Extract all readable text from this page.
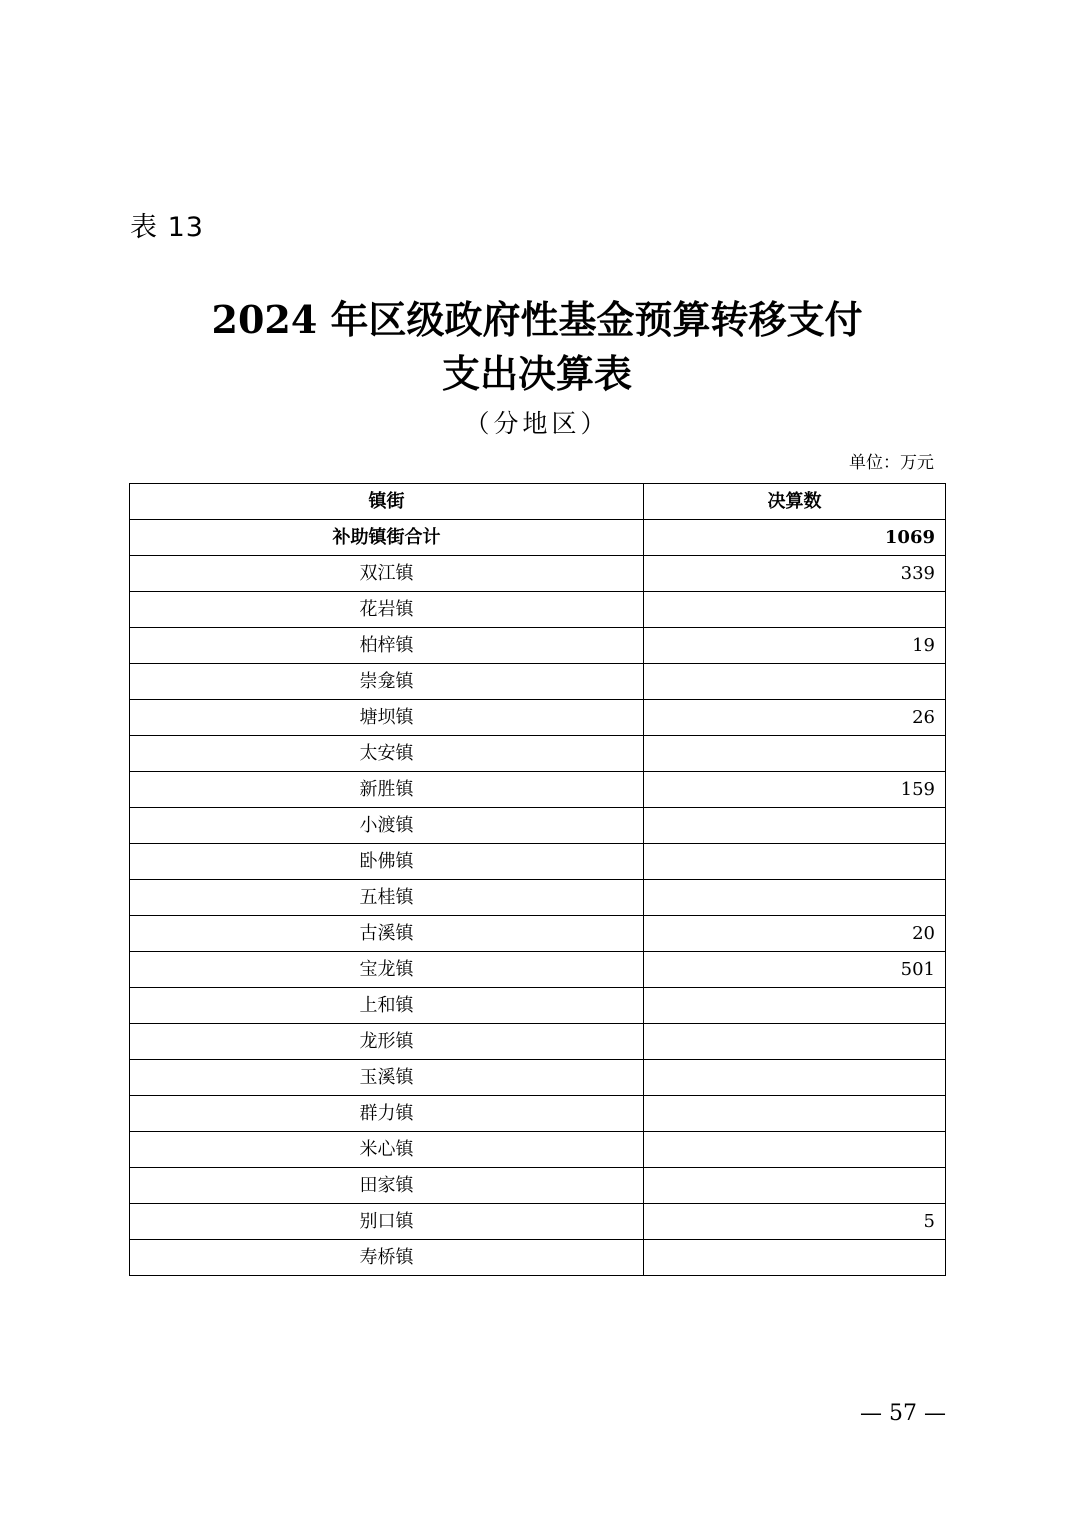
表 13
2024 年区级政府性基金预算转移支付
支出决算表
（分地区）
单位：万元
镇街	决算数
补助镇街合计	1069
双江镇	339
花岩镇	
柏梓镇	19
崇龛镇	
塘坝镇	26
太安镇	
新胜镇	159
小渡镇	
卧佛镇	
五桂镇	
古溪镇	20
宝龙镇	501
上和镇	
龙形镇	
玉溪镇	
群力镇	
米心镇	
田家镇	
别口镇	5
寿桥镇	
— 57 —
